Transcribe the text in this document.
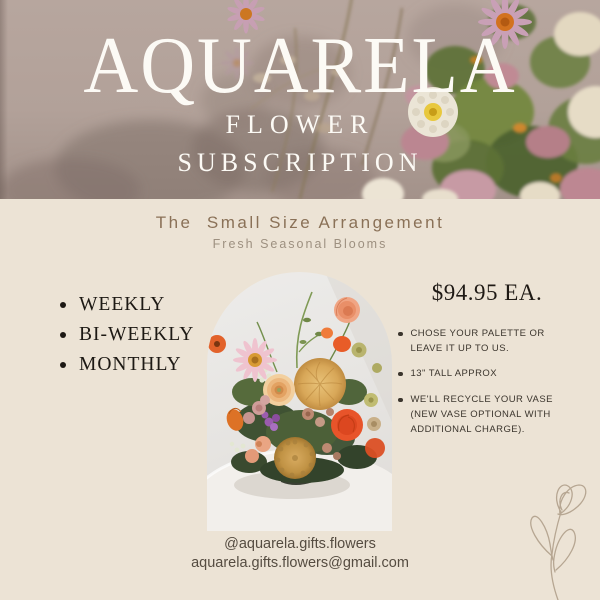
AQUARELA
FLOWER
SUBSCRIPTION
The  Small Size Arrangement
Fresh Seasonal Blooms
WEEKLY
BI-WEEKLY
MONTHLY
$94.95 EA.
CHOSE YOUR PALETTE OR LEAVE IT UP TO US.
13" TALL APPROX
WE'LL RECYCLE YOUR VASE (NEW VASE OPTIONAL WITH ADDITIONAL CHARGE).
@aquarela.gifts.flowers
aquarela.gifts.flowers@gmail.com
